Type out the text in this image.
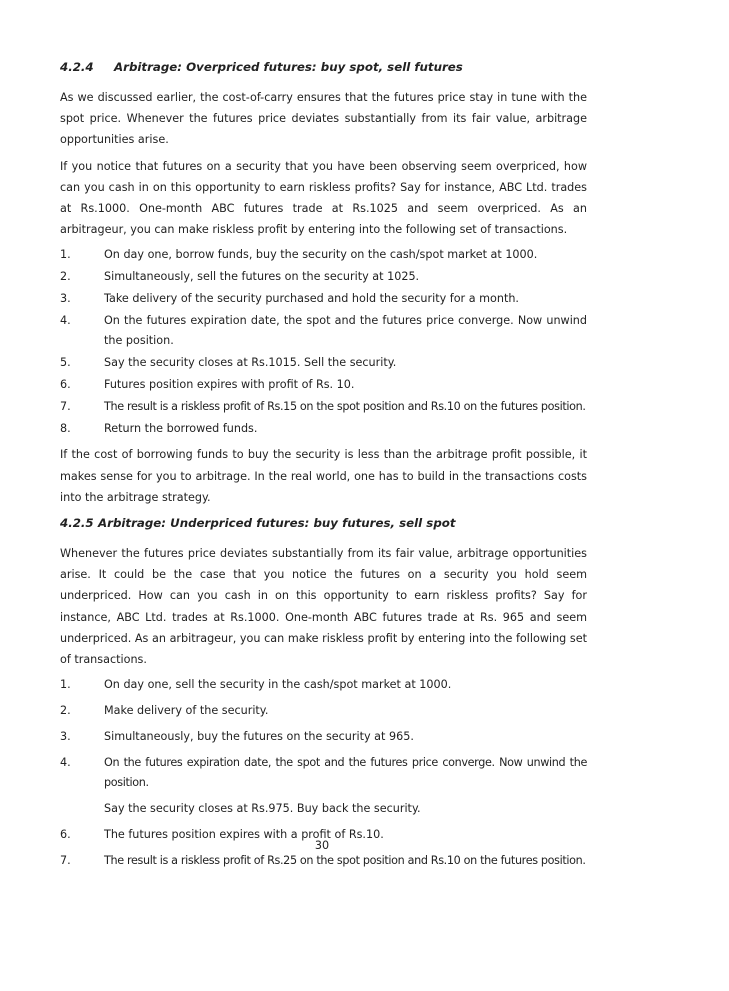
4.2.4 Arbitrage: Overpriced futures: buy spot, sell futures

As we discussed earlier, the cost-of-carry ensures that the futures price stay in tune with the spot price. Whenever the futures price deviates substantially from its fair value, arbitrage opportunities arise.

If you notice that futures on a security that you have been observing seem overpriced, how can you cash in on this opportunity to earn riskless profits? Say for instance, ABC Ltd. trades at Rs.1000. One-month ABC futures trade at Rs.1025 and seem overpriced. As an arbitrageur, you can make riskless profit by entering into the following set of transactions.

1.	On day one, borrow funds, buy the security on the cash/spot market at 1000.
2.	Simultaneously, sell the futures on the security at 1025.
3.	Take delivery of the security purchased and hold the security for a month.
4.	On the futures expiration date, the spot and the futures price converge. Now unwind the position.
5.	Say the security closes at Rs.1015. Sell the security.
6.	Futures position expires with profit of Rs. 10.
7.	The result is a riskless profit of Rs.15 on the spot position and Rs.10 on the futures position.
8.	Return the borrowed funds.

If the cost of borrowing funds to buy the security is less than the arbitrage profit possible, it makes sense for you to arbitrage. In the real world, one has to build in the transactions costs into the arbitrage strategy.

4.2.5 Arbitrage: Underpriced futures: buy futures, sell spot

Whenever the futures price deviates substantially from its fair value, arbitrage opportunities arise. It could be the case that you notice the futures on a security you hold seem underpriced. How can you cash in on this opportunity to earn riskless profits? Say for instance, ABC Ltd. trades at Rs.1000. One-month ABC futures trade at Rs. 965 and seem underpriced. As an arbitrageur, you can make riskless profit by entering into the following set of transactions.

1.	On day one, sell the security in the cash/spot market at 1000.
2.	Make delivery of the security.
3.	Simultaneously, buy the futures on the security at 965.
4.	On the futures expiration date, the spot and the futures price converge. Now unwind the position.
Say the security closes at Rs.975. Buy back the security.
6.	The futures position expires with a profit of Rs.10.
7.	The result is a riskless profit of Rs.25 on the spot position and Rs.10 on the futures position.
30
